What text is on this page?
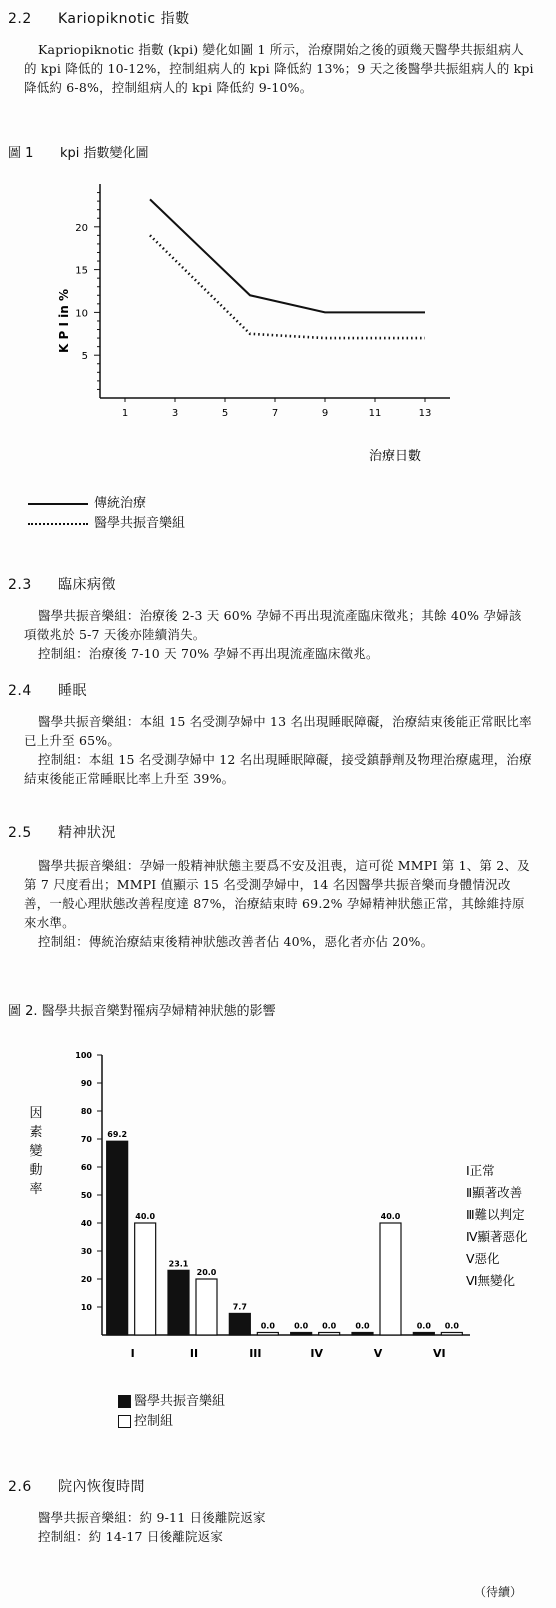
2.2 Kariopiknotic 指數

Kapriopiknotic 指數 (kpi) 變化如圖 1 所示，治療開始之後的頭幾天醫學共振組病人的 kpi 降低的 10-12%，控制組病人的 kpi 降低約 13%；9 天之後醫學共振組病人的 kpi 降低約 6-8%，控制組病人的 kpi 降低約 9-10%。

圖 1 kpi 指數變化圖
5
10
15
20
1	3	5	7	9	11	13
K P I in %
治療日數
傳統治療
醫學共振音樂組
2.3 臨床病徵

醫學共振音樂組：治療後 2-3 天 60% 孕婦不再出現流產臨床徵兆；其餘 40% 孕婦該項徵兆於 5-7 天後亦陸續消失。

控制組：治療後 7-10 天 70% 孕婦不再出現流產臨床徵兆。

2.4 睡眠

醫學共振音樂組：本組 15 名受測孕婦中 13 名出現睡眠障礙，治療結束後能正常眠比率已上升至 65%。

控制組：本組 15 名受測孕婦中 12 名出現睡眠障礙，接受鎮靜劑及物理治療處理，治療結束後能正常睡眠比率上升至 39%。

2.5 精神狀況

醫學共振音樂組：孕婦一般精神狀態主要爲不安及沮喪，這可從 MMPI 第 1、第 2、及第 7 尺度看出；MMPI 值顯示 15 名受測孕婦中，14 名因醫學共振音樂而身體情況改善，一般心理狀態改善程度達 87%，治療結束時 69.2% 孕婦精神狀態正常，其餘維持原來水準。

控制組：傳統治療結束後精神狀態改善者佔 40%，惡化者亦佔 20%。

圖 2. 醫學共振音樂對罹病孕婦精神狀態的影響
10
20
30
40
50
60
70
80
90
100
因
素
變
動
率
69.2
40.0
I
23.1
20.0
II
7.7
0.0
III
0.0 0.0
IV
0.0
40.0
V
0.0 0.0
VI
Ⅰ正常
Ⅱ顯著改善
Ⅲ難以判定
Ⅳ顯著惡化
Ⅴ惡化
Ⅵ無變化
醫學共振音樂組
控制組
2.6 院內恢復時間

醫學共振音樂組：約 9-11 日後離院返家

控制組：約 14-17 日後離院返家

（待續）
